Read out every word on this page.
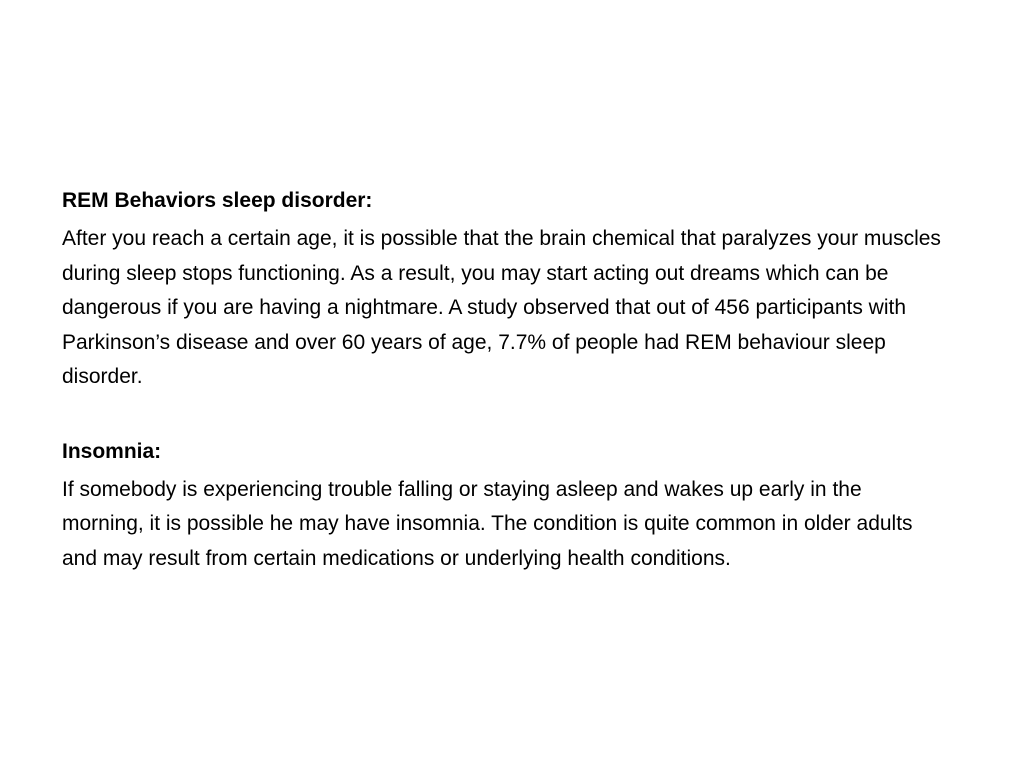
REM Behaviors sleep disorder:

After you reach a certain age, it is possible that the brain chemical that paralyzes your muscles during sleep stops functioning. As a result, you may start acting out dreams which can be dangerous if you are having a nightmare. A study observed that out of 456 participants with Parkinson’s disease and over 60 years of age, 7.7% of people had REM behaviour sleep disorder.

Insomnia:

If somebody is experiencing trouble falling or staying asleep and wakes up early in the morning, it is possible he may have insomnia. The condition is quite common in older adults and may result from certain medications or underlying health conditions.
